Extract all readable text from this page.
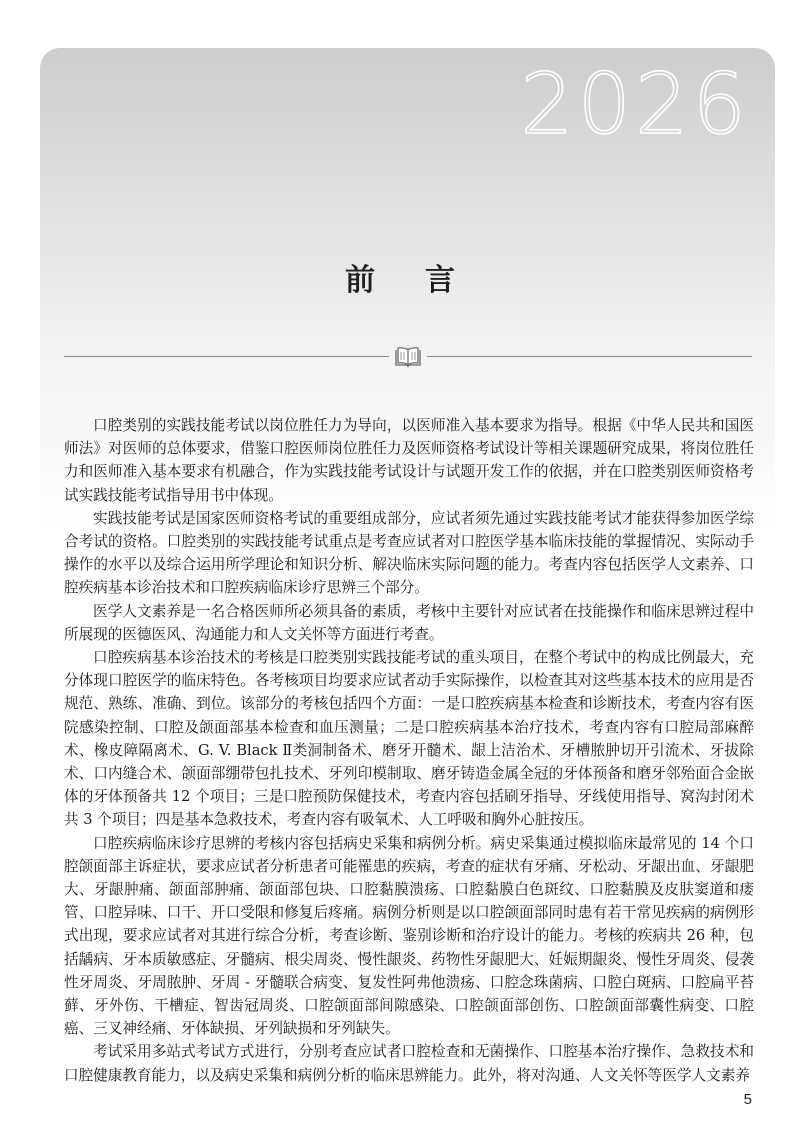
2026
前言

口腔类别的实践技能考试以岗位胜任力为导向，以医师准入基本要求为指导。根据《中华人民共和国医师法》对医师的总体要求，借鉴口腔医师岗位胜任力及医师资格考试设计等相关课题研究成果，将岗位胜任力和医师准入基本要求有机融合，作为实践技能考试设计与试题开发工作的依据，并在口腔类别医师资格考试实践技能考试指导用书中体现。

实践技能考试是国家医师资格考试的重要组成部分，应试者须先通过实践技能考试才能获得参加医学综合考试的资格。口腔类别的实践技能考试重点是考查应试者对口腔医学基本临床技能的掌握情况、实际动手操作的水平以及综合运用所学理论和知识分析、解决临床实际问题的能力。考查内容包括医学人文素养、口腔疾病基本诊治技术和口腔疾病临床诊疗思辨三个部分。

医学人文素养是一名合格医师所必须具备的素质，考核中主要针对应试者在技能操作和临床思辨过程中所展现的医德医风、沟通能力和人文关怀等方面进行考查。

口腔疾病基本诊治技术的考核是口腔类别实践技能考试的重头项目，在整个考试中的构成比例最大，充分体现口腔医学的临床特色。各考核项目均要求应试者动手实际操作，以检查其对这些基本技术的应用是否规范、熟练、准确、到位。该部分的考核包括四个方面：一是口腔疾病基本检查和诊断技术，考查内容有医院感染控制、口腔及颌面部基本检查和血压测量；二是口腔疾病基本治疗技术，考查内容有口腔局部麻醉术、橡皮障隔离术、G. V. Black Ⅱ类洞制备术、磨牙开髓术、龈上洁治术、牙槽脓肿切开引流术、牙拔除术、口内缝合术、颌面部绷带包扎技术、牙列印模制取、磨牙铸造金属全冠的牙体预备和磨牙邻殆面合金嵌体的牙体预备共 12 个项目；三是口腔预防保健技术，考查内容包括刷牙指导、牙线使用指导、窝沟封闭术共 3 个项目；四是基本急救技术，考查内容有吸氧术、人工呼吸和胸外心脏按压。

口腔疾病临床诊疗思辨的考核内容包括病史采集和病例分析。病史采集通过模拟临床最常见的 14 个口腔颌面部主诉症状，要求应试者分析患者可能罹患的疾病，考查的症状有牙痛、牙松动、牙龈出血、牙龈肥大、牙龈肿痛、颌面部肿痛、颌面部包块、口腔黏膜溃疡、口腔黏膜白色斑纹、口腔黏膜及皮肤窦道和瘘管、口腔异味、口干、开口受限和修复后疼痛。病例分析则是以口腔颌面部同时患有若干常见疾病的病例形式出现，要求应试者对其进行综合分析，考查诊断、鉴别诊断和治疗设计的能力。考核的疾病共 26 种，包括龋病、牙本质敏感症、牙髓病、根尖周炎、慢性龈炎、药物性牙龈肥大、妊娠期龈炎、慢性牙周炎、侵袭性牙周炎、牙周脓肿、牙周 - 牙髓联合病变、复发性阿弗他溃疡、口腔念珠菌病、口腔白斑病、口腔扁平苔藓、牙外伤、干槽症、智齿冠周炎、口腔颌面部间隙感染、口腔颌面部创伤、口腔颌面部囊性病变、口腔癌、三叉神经痛、牙体缺损、牙列缺损和牙列缺失。

考试采用多站式考试方式进行，分别考查应试者口腔检查和无菌操作、口腔基本治疗操作、急救技术和口腔健康教育能力，以及病史采集和病例分析的临床思辨能力。此外，将对沟通、人文关怀等医学人文素养

5
